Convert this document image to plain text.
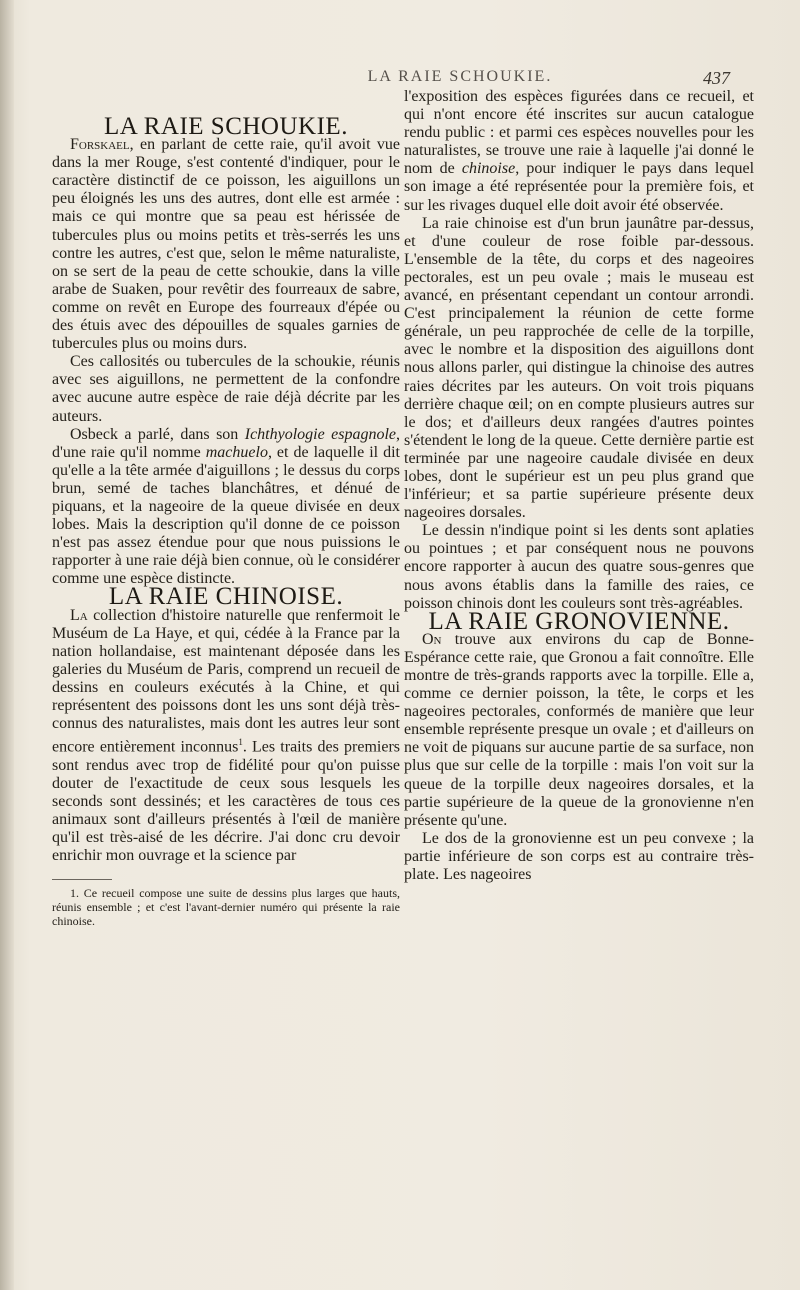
LA RAIE SCHOUKIE.	437
LA RAIE SCHOUKIE.

Forskael, en parlant de cette raie, qu'il avoit vue dans la mer Rouge, s'est contenté d'indiquer, pour le caractère distinctif de ce poisson, les aiguillons un peu éloignés les uns des autres, dont elle est armée : mais ce qui montre que sa peau est hérissée de tubercules plus ou moins petits et très-serrés les uns contre les autres, c'est que, selon le même naturaliste, on se sert de la peau de cette schoukie, dans la ville arabe de Suaken, pour revêtir des fourreaux de sabre, comme on revêt en Europe des fourreaux d'épée ou des étuis avec des dépouilles de squales garnies de tubercules plus ou moins durs.

Ces callosités ou tubercules de la schoukie, réunis avec ses aiguillons, ne permettent de la confondre avec aucune autre espèce de raie déjà décrite par les auteurs.

Osbeck a parlé, dans son Ichthyologie espagnole, d'une raie qu'il nomme machuelo, et de laquelle il dit qu'elle a la tête armée d'aiguillons ; le dessus du corps brun, semé de taches blanchâtres, et dénué de piquans, et la nageoire de la queue divisée en deux lobes. Mais la description qu'il donne de ce poisson n'est pas assez étendue pour que nous puissions le rapporter à une raie déjà bien connue, où le considérer comme une espèce distincte.

LA RAIE CHINOISE.

La collection d'histoire naturelle que renfermoit le Muséum de La Haye, et qui, cédée à la France par la nation hollandaise, est maintenant déposée dans les galeries du Muséum de Paris, comprend un recueil de dessins en couleurs exécutés à la Chine, et qui représentent des poissons dont les uns sont déjà très-connus des naturalistes, mais dont les autres leur sont encore entièrement inconnus$^1$. Les traits des premiers sont rendus avec trop de fidélité pour qu'on puisse douter de l'exactitude de ceux sous lesquels les seconds sont dessinés; et les caractères de tous ces animaux sont d'ailleurs présentés à l'œil de manière qu'il est très-aisé de les décrire. J'ai donc cru devoir enrichir mon ouvrage et la science par

1. Ce recueil compose une suite de dessins plus larges que hauts, réunis ensemble ; et c'est l'avant-dernier numéro qui présente la raie chinoise.

l'exposition des espèces figurées dans ce recueil, et qui n'ont encore été inscrites sur aucun catalogue rendu public : et parmi ces espèces nouvelles pour les naturalistes, se trouve une raie à laquelle j'ai donné le nom de chinoise, pour indiquer le pays dans lequel son image a été représentée pour la première fois, et sur les rivages duquel elle doit avoir été observée.

La raie chinoise est d'un brun jaunâtre par-dessus, et d'une couleur de rose foible par-dessous. L'ensemble de la tête, du corps et des nageoires pectorales, est un peu ovale ; mais le museau est avancé, en présentant cependant un contour arrondi. C'est principalement la réunion de cette forme générale, un peu rapprochée de celle de la torpille, avec le nombre et la disposition des aiguillons dont nous allons parler, qui distingue la chinoise des autres raies décrites par les auteurs. On voit trois piquans derrière chaque œil; on en compte plusieurs autres sur le dos; et d'ailleurs deux rangées d'autres pointes s'étendent le long de la queue. Cette dernière partie est terminée par une nageoire caudale divisée en deux lobes, dont le supérieur est un peu plus grand que l'inférieur; et sa partie supérieure présente deux nageoires dorsales.

Le dessin n'indique point si les dents sont aplaties ou pointues ; et par conséquent nous ne pouvons encore rapporter à aucun des quatre sous-genres que nous avons établis dans la famille des raies, ce poisson chinois dont les couleurs sont très-agréables.

LA RAIE GRONOVIENNE.

On trouve aux environs du cap de Bonne-Espérance cette raie, que Gronou a fait connoître. Elle montre de très-grands rapports avec la torpille. Elle a, comme ce dernier poisson, la tête, le corps et les nageoires pectorales, conformés de manière que leur ensemble représente presque un ovale ; et d'ailleurs on ne voit de piquans sur aucune partie de sa surface, non plus que sur celle de la torpille : mais l'on voit sur la queue de la torpille deux nageoires dorsales, et la partie supérieure de la queue de la gronovienne n'en présente qu'une.

Le dos de la gronovienne est un peu convexe ; la partie inférieure de son corps est au contraire très-plate. Les nageoires
